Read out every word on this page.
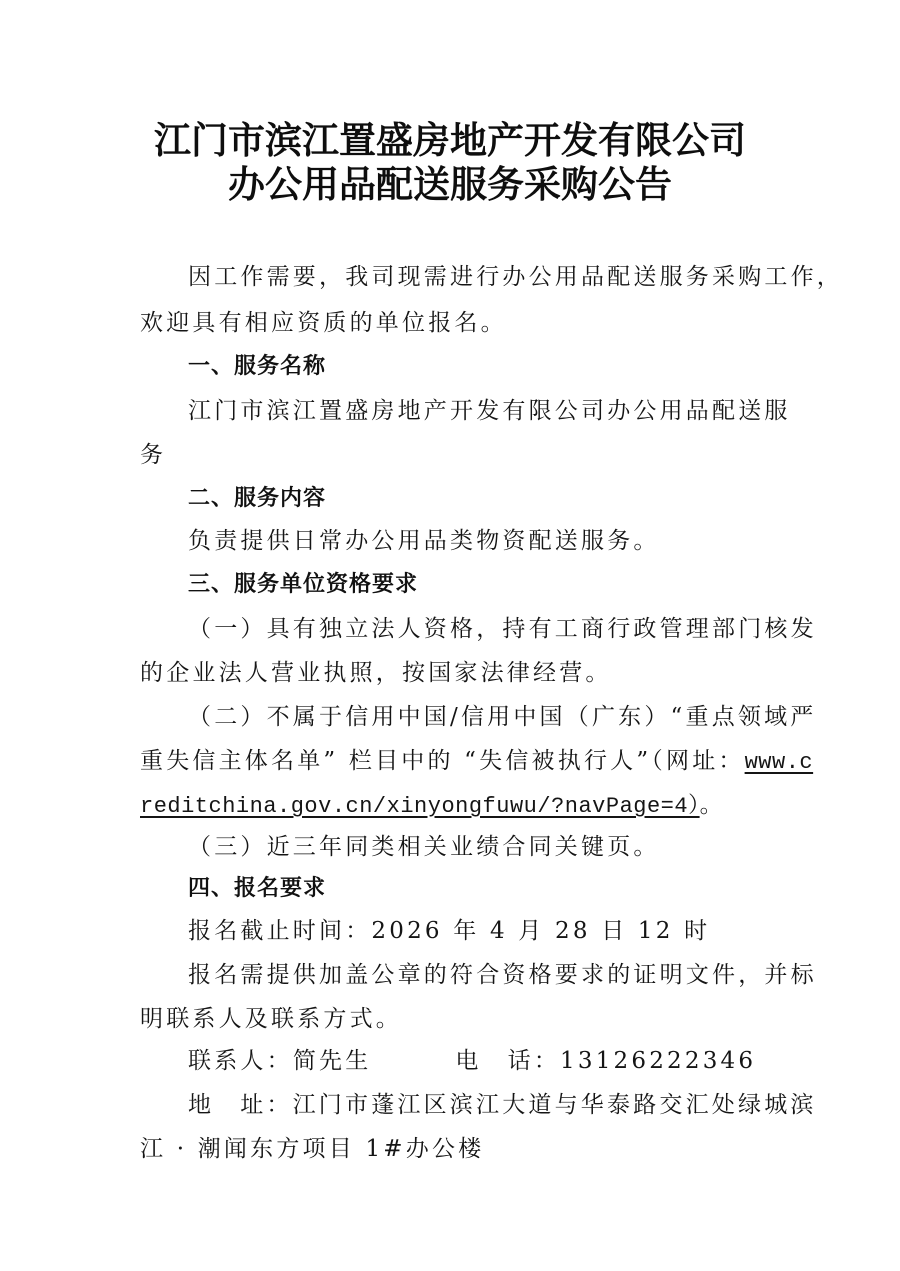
江门市滨江置盛房地产开发有限公司
办公用品配送服务采购公告
因工作需要，我司现需进行办公用品配送服务采购工作，
欢迎具有相应资质的单位报名。
一、服务名称
江门市滨江置盛房地产开发有限公司办公用品配送服
务
二、服务内容
负责提供日常办公用品类物资配送服务。
三、服务单位资格要求
（一）具有独立法人资格，持有工商行政管理部门核发
的企业法人营业执照，按国家法律经营。
（二）不属于信用中国/信用中国（广东）“重点领域严
重失信主体名单” 栏目中的 “失信被执行人”（网址：www.c
reditchina.gov.cn/xinyongfuwu/?navPage=4）。
（三）近三年同类相关业绩合同关键页。
四、报名要求
报名截止时间：2026 年 4 月 28 日 12 时
报名需提供加盖公章的符合资格要求的证明文件，并标
明联系人及联系方式。
联系人：简先生	电 话：13126222346
地 址：江门市蓬江区滨江大道与华泰路交汇处绿城滨
江 · 潮闻东方项目 1#办公楼
